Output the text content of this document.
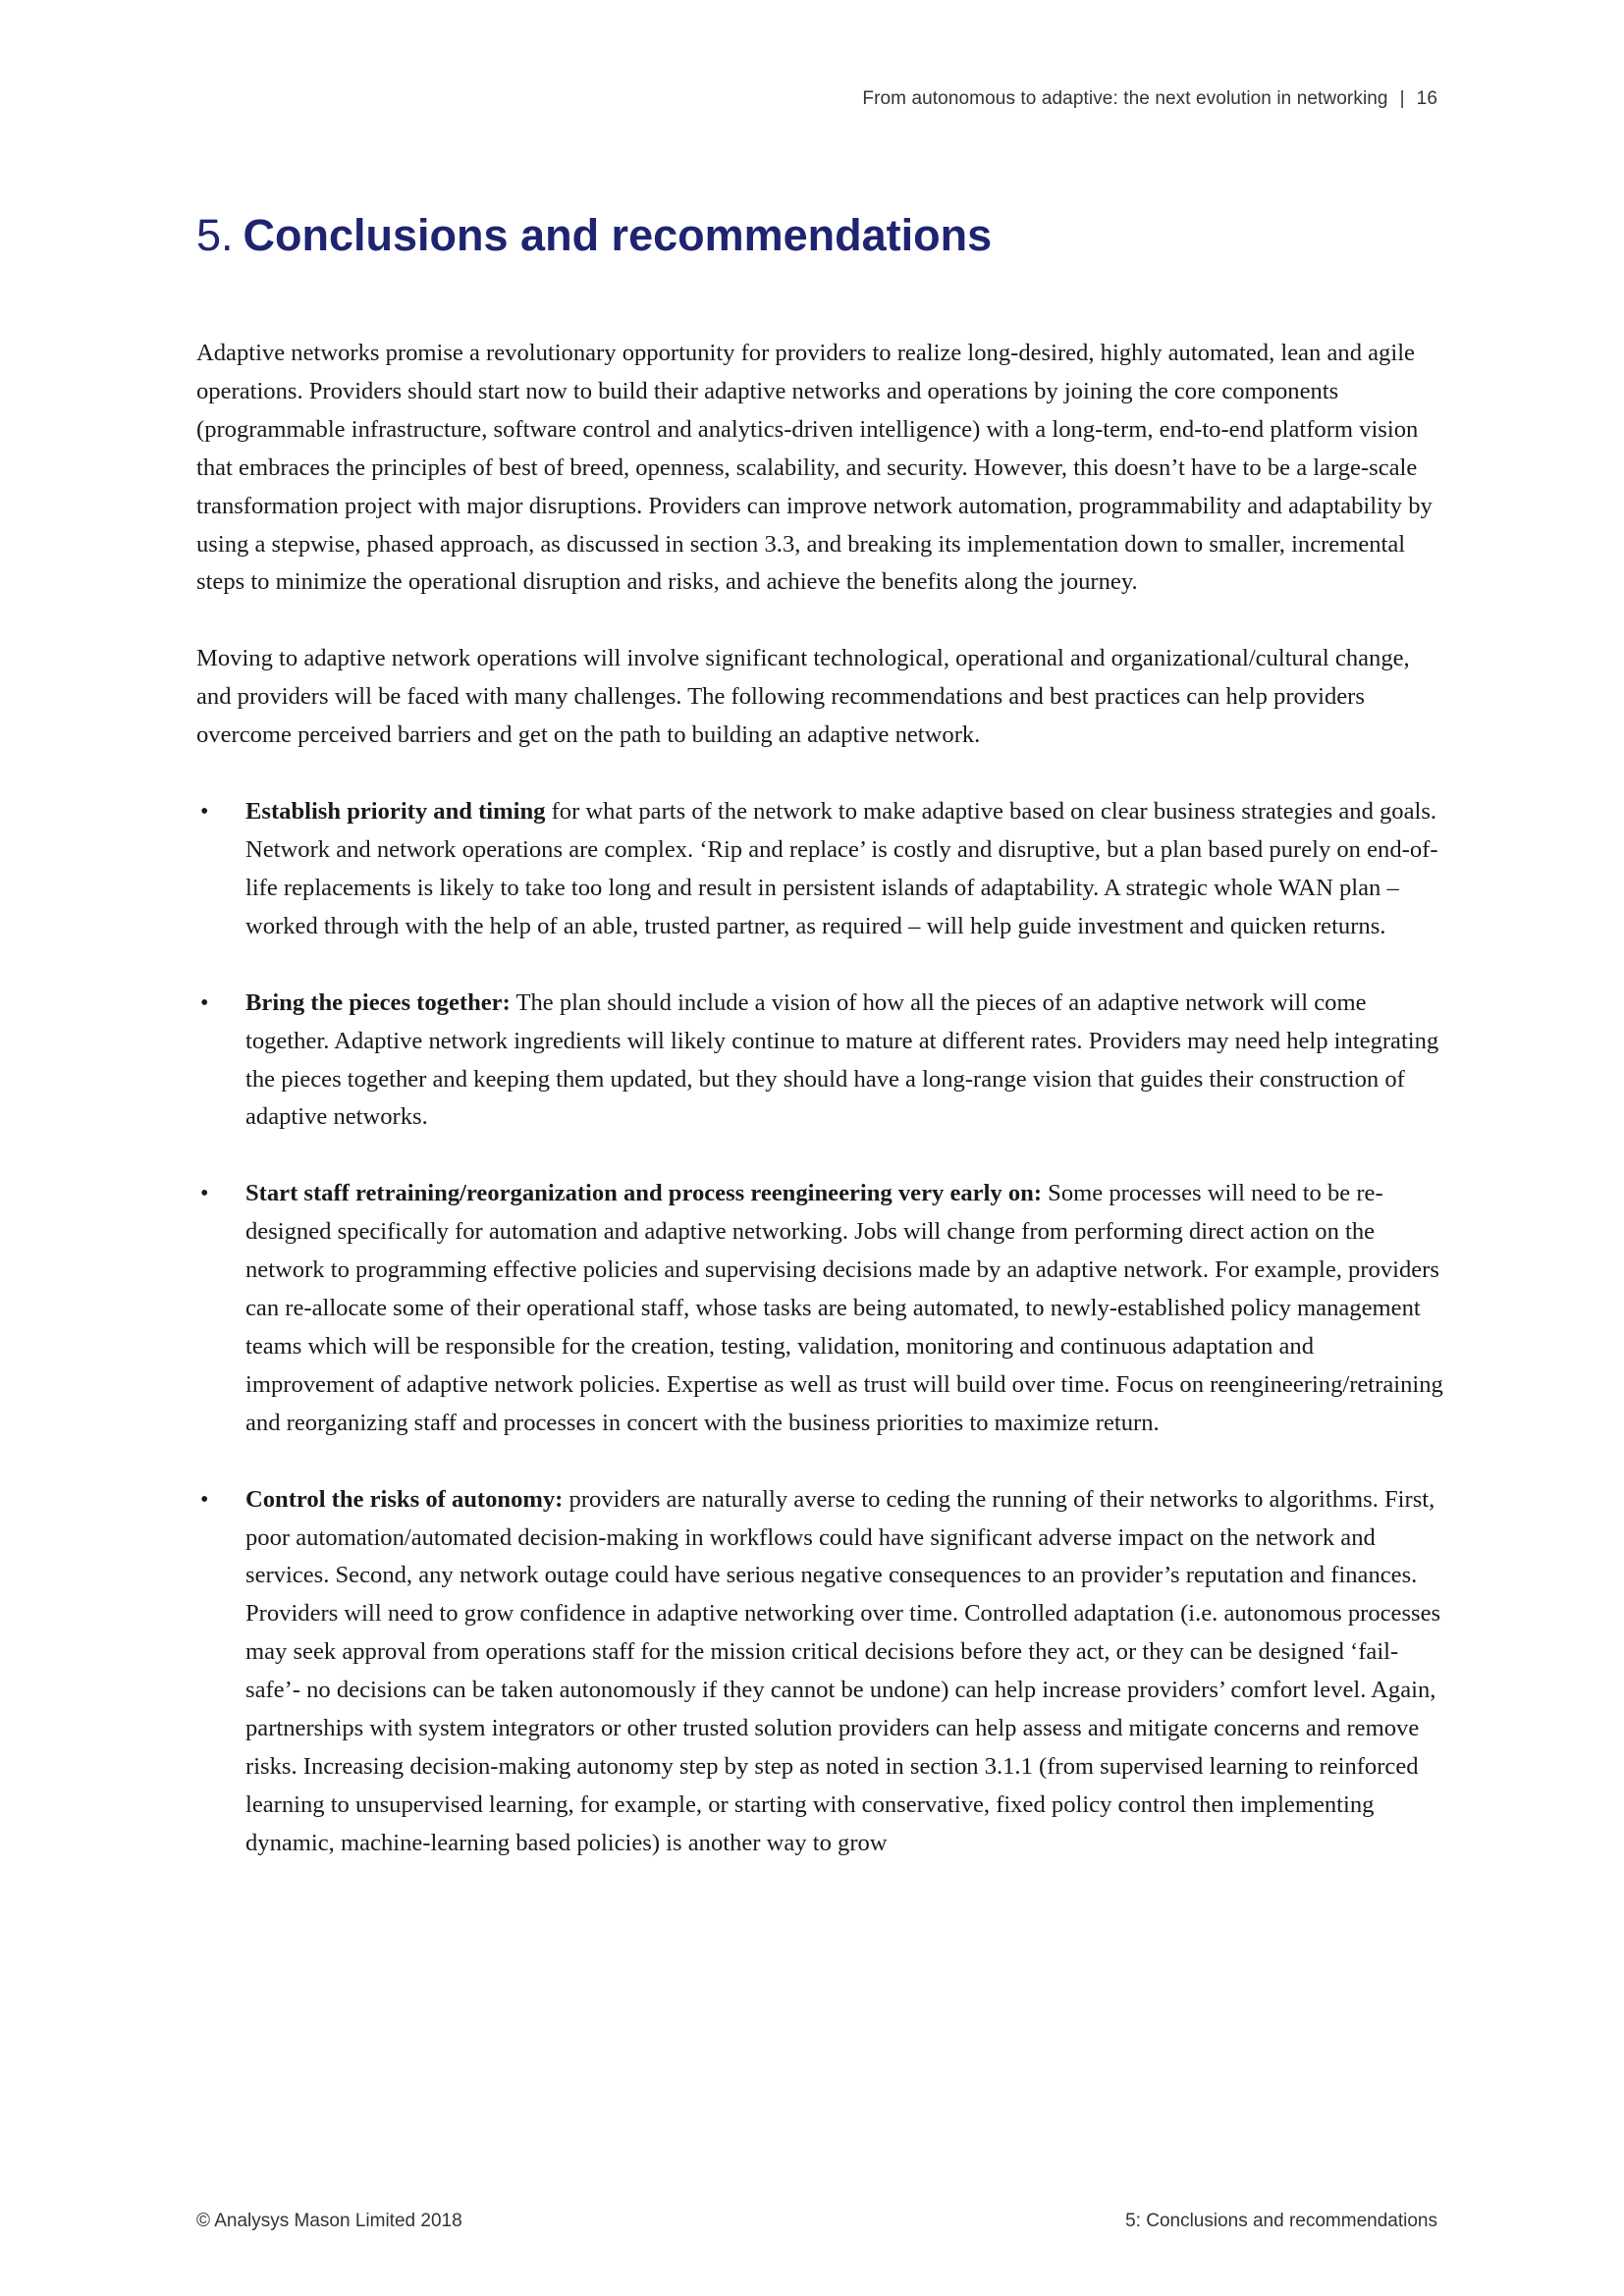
From autonomous to adaptive: the next evolution in networking | 16
5. Conclusions and recommendations

Adaptive networks promise a revolutionary opportunity for providers to realize long-desired, highly automated, lean and agile operations. Providers should start now to build their adaptive networks and operations by joining the core components (programmable infrastructure, software control and analytics-driven intelligence) with a long-term, end-to-end platform vision that embraces the principles of best of breed, openness, scalability, and security. However, this doesn’t have to be a large-scale transformation project with major disruptions. Providers can improve network automation, programmability and adaptability by using a stepwise, phased approach, as discussed in section 3.3, and breaking its implementation down to smaller, incremental steps to minimize the operational disruption and risks, and achieve the benefits along the journey.

Moving to adaptive network operations will involve significant technological, operational and organizational/cultural change, and providers will be faced with many challenges. The following recommendations and best practices can help providers overcome perceived barriers and get on the path to building an adaptive network.

• Establish priority and timing for what parts of the network to make adaptive based on clear business strategies and goals. Network and network operations are complex. ‘Rip and replace’ is costly and disruptive, but a plan based purely on end-of-life replacements is likely to take too long and result in persistent islands of adaptability. A strategic whole WAN plan – worked through with the help of an able, trusted partner, as required – will help guide investment and quicken returns.
• Bring the pieces together: The plan should include a vision of how all the pieces of an adaptive network will come together. Adaptive network ingredients will likely continue to mature at different rates. Providers may need help integrating the pieces together and keeping them updated, but they should have a long-range vision that guides their construction of adaptive networks.
• Start staff retraining/reorganization and process reengineering very early on: Some processes will need to be re-designed specifically for automation and adaptive networking. Jobs will change from performing direct action on the network to programming effective policies and supervising decisions made by an adaptive network. For example, providers can re-allocate some of their operational staff, whose tasks are being automated, to newly-established policy management teams which will be responsible for the creation, testing, validation, monitoring and continuous adaptation and improvement of adaptive network policies. Expertise as well as trust will build over time. Focus on reengineering/retraining and reorganizing staff and processes in concert with the business priorities to maximize return.
• Control the risks of autonomy: providers are naturally averse to ceding the running of their networks to algorithms. First, poor automation/automated decision-making in workflows could have significant adverse impact on the network and services. Second, any network outage could have serious negative consequences to an provider’s reputation and finances. Providers will need to grow confidence in adaptive networking over time. Controlled adaptation (i.e. autonomous processes may seek approval from operations staff for the mission critical decisions before they act, or they can be designed ‘fail-safe’- no decisions can be taken autonomously if they cannot be undone) can help increase providers’ comfort level. Again, partnerships with system integrators or other trusted solution providers can help assess and mitigate concerns and remove risks. Increasing decision-making autonomy step by step as noted in section 3.1.1 (from supervised learning to reinforced learning to unsupervised learning, for example, or starting with conservative, fixed policy control then implementing dynamic, machine-learning based policies) is another way to grow
© Analysys Mason Limited 2018	5: Conclusions and recommendations
